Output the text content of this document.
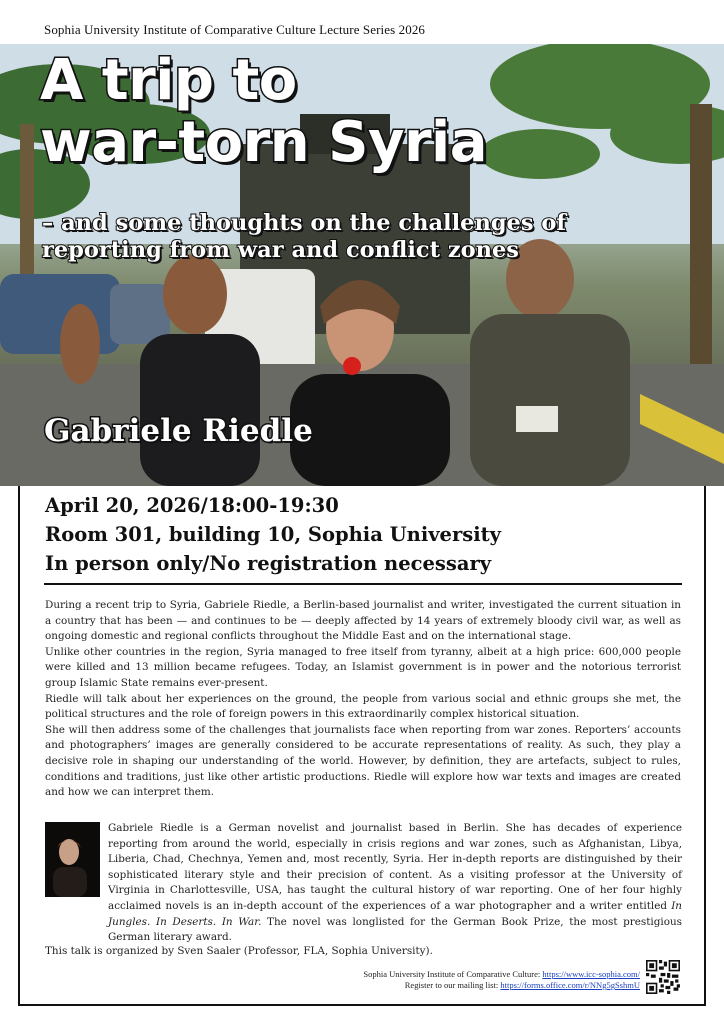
Sophia University Institute of Comparative Culture Lecture Series 2026
A trip to
war-torn Syria
– and some thoughts on the challenges of
reporting from war and conflict zones
Gabriele Riedle
April 20, 2026/18:00-19:30
Room 301, building 10, Sophia University
In person only/No registration necessary

During a recent trip to Syria, Gabriele Riedle, a Berlin-based journalist and writer, investigated the current situation in a country that has been — and continues to be — deeply affected by 14 years of extremely bloody civil war, as well as ongoing domestic and regional conflicts throughout the Middle East and on the international stage.

Unlike other countries in the region, Syria managed to free itself from tyranny, albeit at a high price: 600,000 people were killed and 13 million became refugees. Today, an Islamist government is in power and the notorious terrorist group Islamic State remains ever-present.

Riedle will talk about her experiences on the ground, the people from various social and ethnic groups she met, the political structures and the role of foreign powers in this extraordinarily complex historical situation.

She will then address some of the challenges that journalists face when reporting from war zones. Reporters’ accounts and photographers’ images are generally considered to be accurate representations of reality. As such, they play a decisive role in shaping our understanding of the world. However, by definition, they are artefacts, subject to rules, conditions and traditions, just like other artistic productions. Riedle will explore how war texts and images are created and how we can interpret them.

Gabriele Riedle is a German novelist and journalist based in Berlin. She has decades of experience reporting from around the world, especially in crisis regions and war zones, such as Afghanistan, Libya, Liberia, Chad, Chechnya, Yemen and, most recently, Syria. Her in-depth reports are distinguished by their sophisticated literary style and their precision of content. As a visiting professor at the University of Virginia in Charlottesville, USA, has taught the cultural history of war reporting. One of her four highly acclaimed novels is an in-depth account of the experiences of a war photographer and a writer entitled In Jungles. In Deserts. In War. The novel was longlisted for the German Book Prize, the most prestigious German literary award.
This talk is organized by Sven Saaler (Professor, FLA, Sophia University).
Sophia University Institute of Comparative Culture: https://www.icc-sophia.com/
Register to our mailing list: https://forms.office.com/r/NNg5gSshmU
